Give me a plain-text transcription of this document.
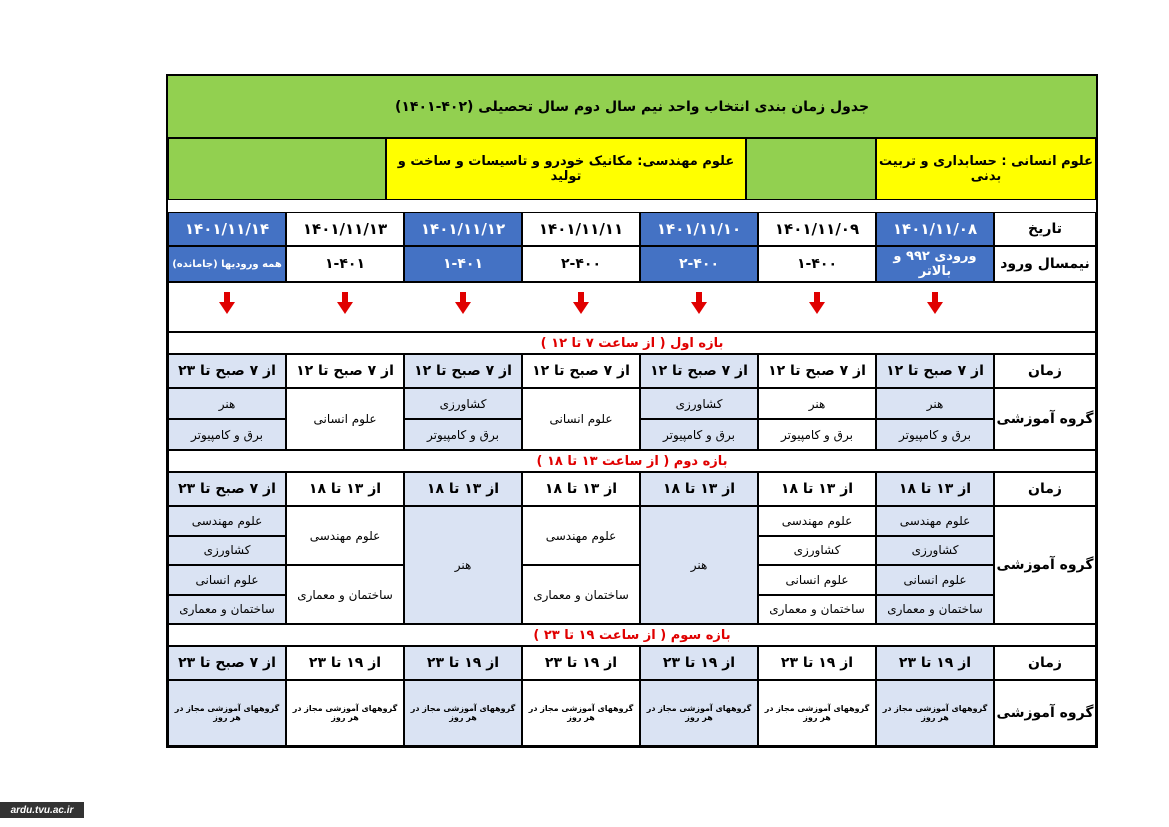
جدول زمان بندی انتخاب واحد نیم سال دوم سال تحصیلی (۴۰۲-۱۴۰۱)
علوم مهندسی: مکانیک خودرو و تاسیسات و ساخت و تولید
علوم انسانی : حسابداری و تربیت بدنی
تاریخ
۱۴۰۱/۱۱/۰۸
۱۴۰۱/۱۱/۰۹
۱۴۰۱/۱۱/۱۰
۱۴۰۱/۱۱/۱۱
۱۴۰۱/۱۱/۱۲
۱۴۰۱/۱۱/۱۳
۱۴۰۱/۱۱/۱۴
نیمسال ورود
ورودی ۹۹۲ و بالاتر
۱-۴۰۰
۲-۴۰۰
۲-۴۰۰
۱-۴۰۱
۱-۴۰۱
همه ورودیها (جامانده)
بازه اول ( از ساعت ۷ تا ۱۲ )
زمان
از ۷ صبح تا ۱۲
از ۷ صبح تا ۱۲
از ۷ صبح تا ۱۲
از ۷ صبح تا ۱۲
از ۷ صبح تا ۱۲
از ۷ صبح تا ۱۲
از ۷ صبح تا ۲۳
گروه آموزشی
هنر
برق و کامپیوتر
هنر
برق و کامپیوتر
کشاورزی
برق و کامپیوتر
علوم انسانی
کشاورزی
برق و کامپیوتر
علوم انسانی
هنر
برق و کامپیوتر
بازه دوم ( از ساعت ۱۳ تا ۱۸ )
زمان
از ۱۳ تا ۱۸
از ۱۳ تا ۱۸
از ۱۳ تا ۱۸
از ۱۳ تا ۱۸
از ۱۳ تا ۱۸
از ۱۳ تا ۱۸
از ۷ صبح تا ۲۳
گروه آموزشی
علوم مهندسی
کشاورزی
علوم انسانی
ساختمان و معماری
علوم مهندسی
کشاورزی
علوم انسانی
ساختمان و معماری
هنر
علوم مهندسی
ساختمان و معماری
هنر
علوم مهندسی
ساختمان و معماری
علوم مهندسی
کشاورزی
علوم انسانی
ساختمان و معماری
بازه سوم ( از ساعت ۱۹ تا ۲۳ )
زمان
از ۱۹ تا ۲۳
از ۱۹ تا ۲۳
از ۱۹ تا ۲۳
از ۱۹ تا ۲۳
از ۱۹ تا ۲۳
از ۱۹ تا ۲۳
از ۷ صبح تا ۲۳
گروه آموزشی
گروههای آموزشی مجاز در هر روز
گروههای آموزشی مجاز در هر روز
گروههای آموزشی مجاز در هر روز
گروههای آموزشی مجاز در هر روز
گروههای آموزشی مجاز در هر روز
گروههای آموزشی مجاز در هر روز
گروههای آموزشی مجاز در هر روز
ardu.tvu.ac.ir
